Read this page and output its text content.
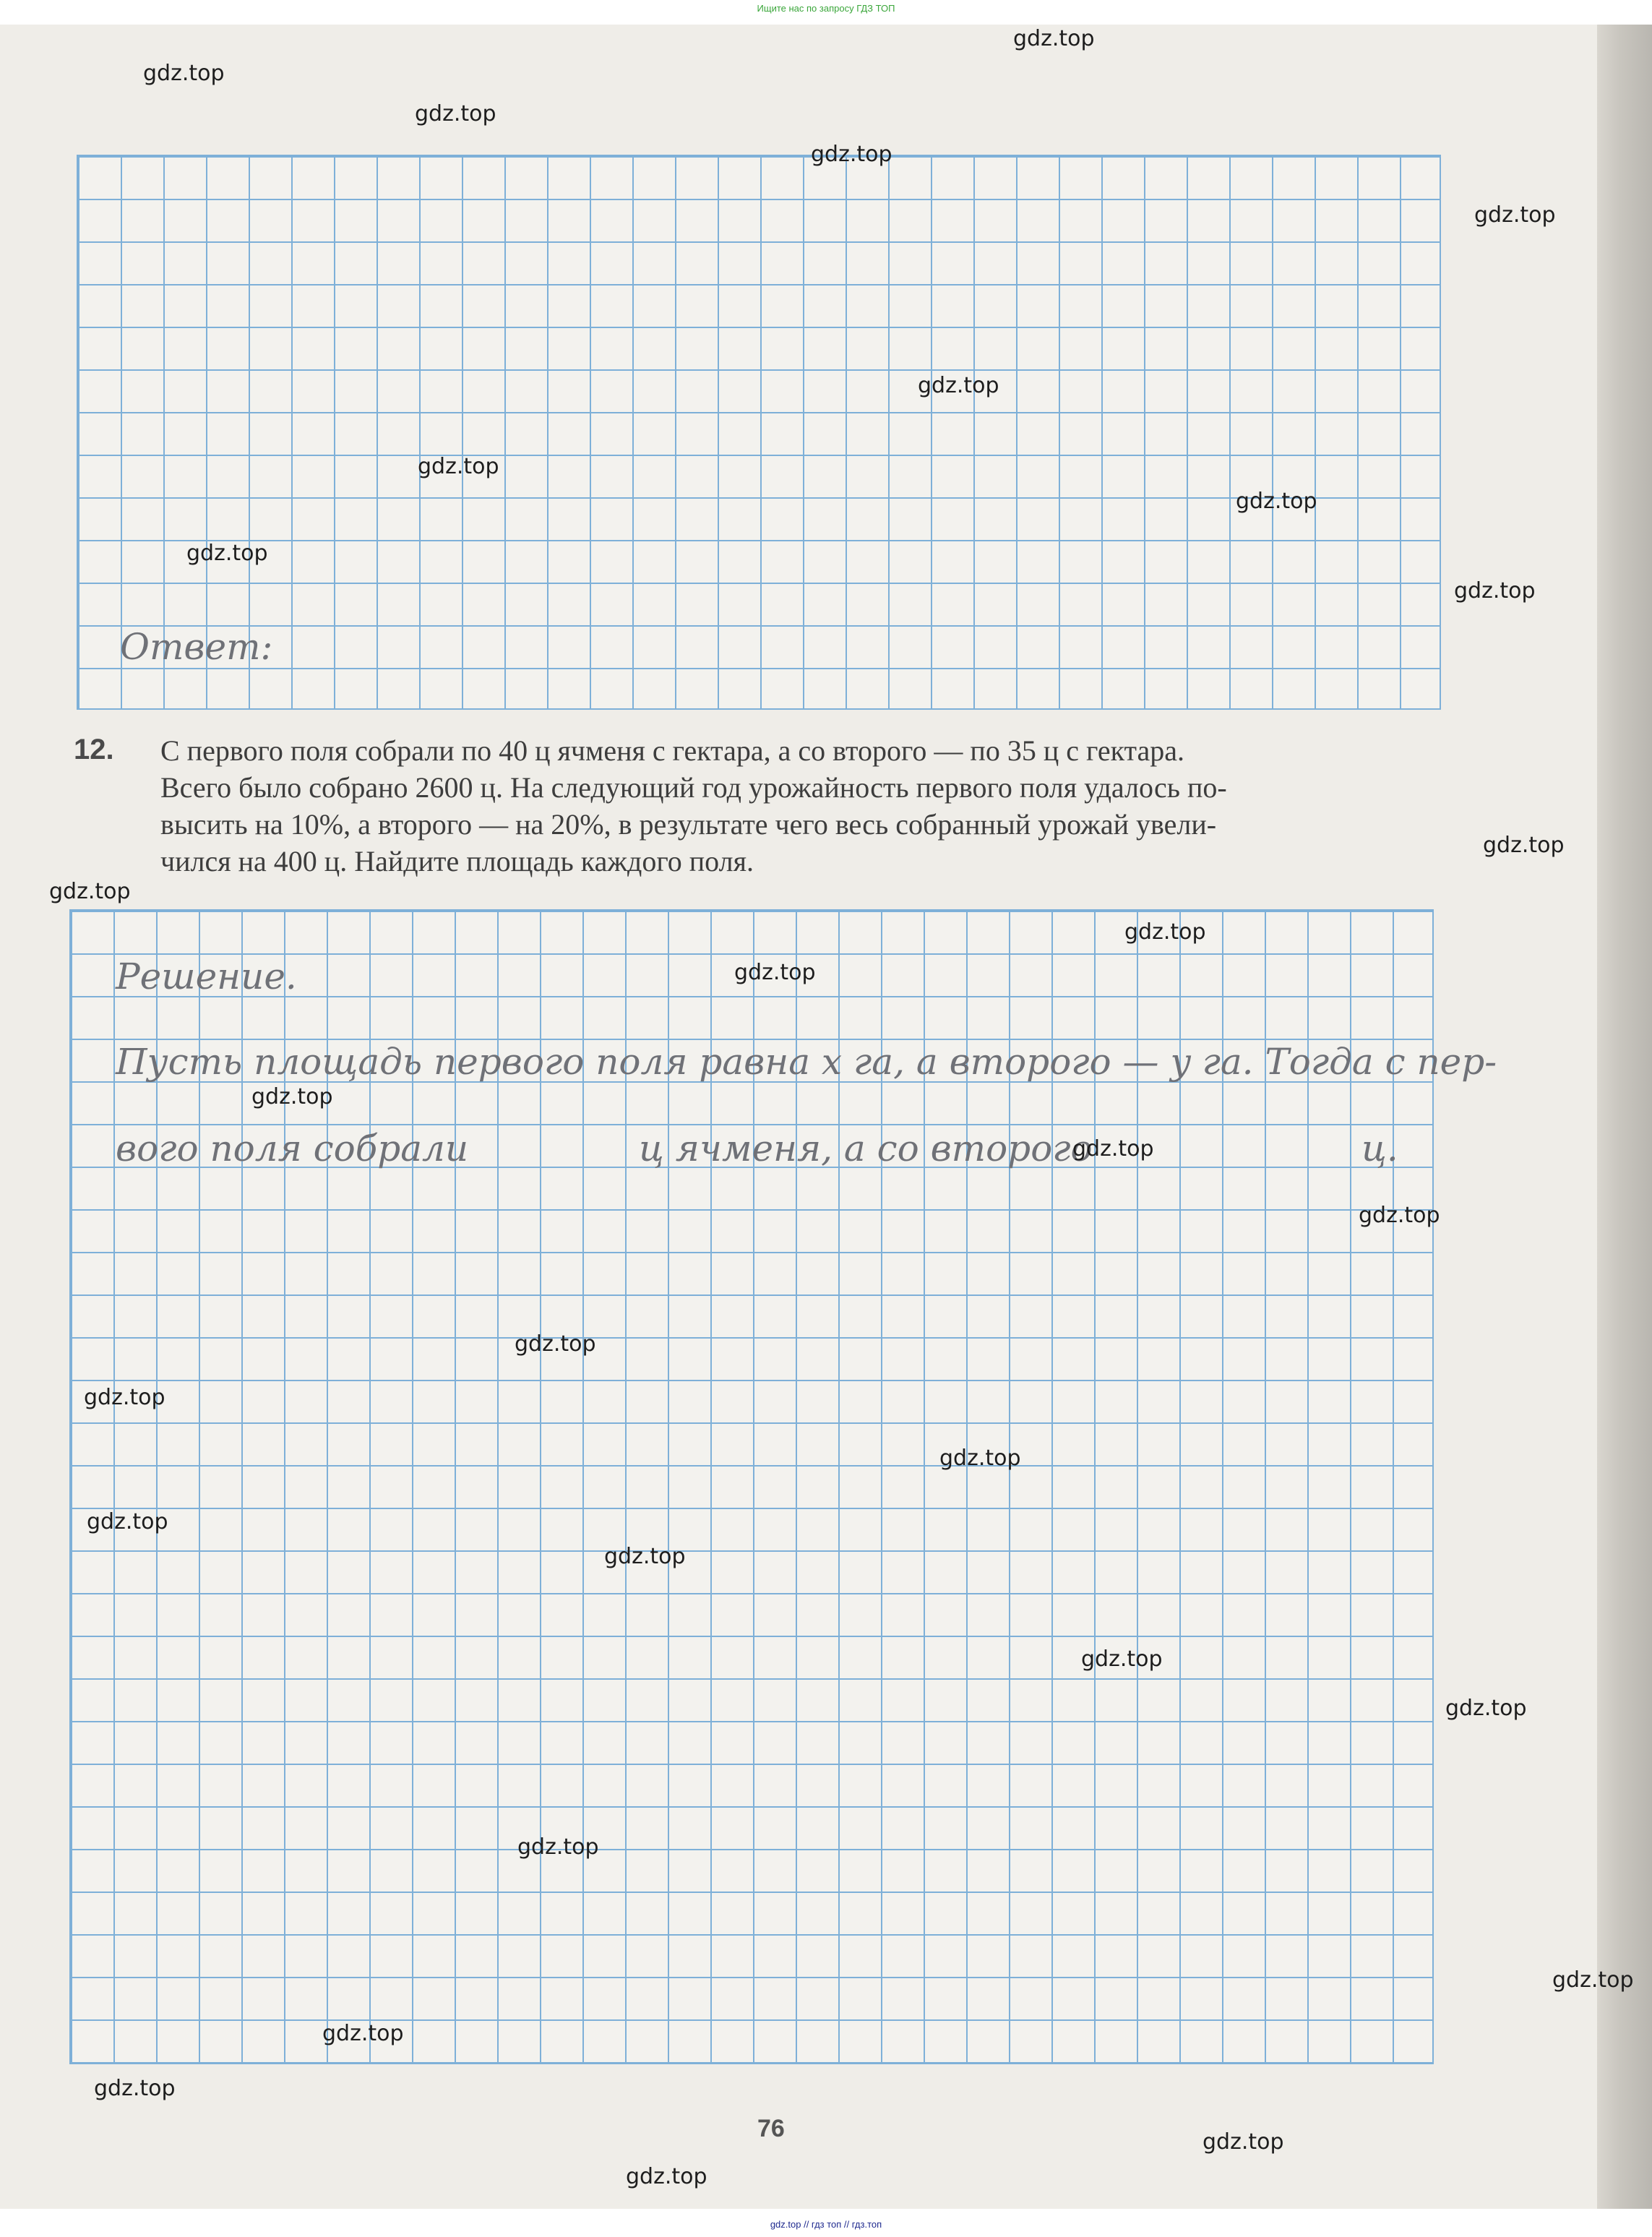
Ищите нас по запросу ГДЗ ТОП
Ответ:
12. С первого поля собрали по 40 ц ячменя с гектара, а со второго — по 35 ц с гектара.
Всего было собрано 2600 ц. На следующий год урожайность первого поля удалось по-
высить на 10%, а второго — на 20%, в результате чего весь собранный урожай увели-
чился на 400 ц. Найдите площадь каждого поля.
Решение.
Пусть площадь первого поля равна x га, а второго — y га. Тогда с пер-
вого поля собрали	ц ячменя, а со второго	ц.
76
gdz.top
gdz.top
gdz.top
gdz.top
gdz.top
gdz.top
gdz.top
gdz.top
gdz.top
gdz.top
gdz.top
gdz.top
gdz.top
gdz.top
gdz.top
gdz.top
gdz.top
gdz.top
gdz.top
gdz.top
gdz.top
gdz.top
gdz.top
gdz.top
gdz.top
gdz.top
gdz.top
gdz.top
gdz.top
gdz.top
gdz.top // гдз топ // гдз.топ
